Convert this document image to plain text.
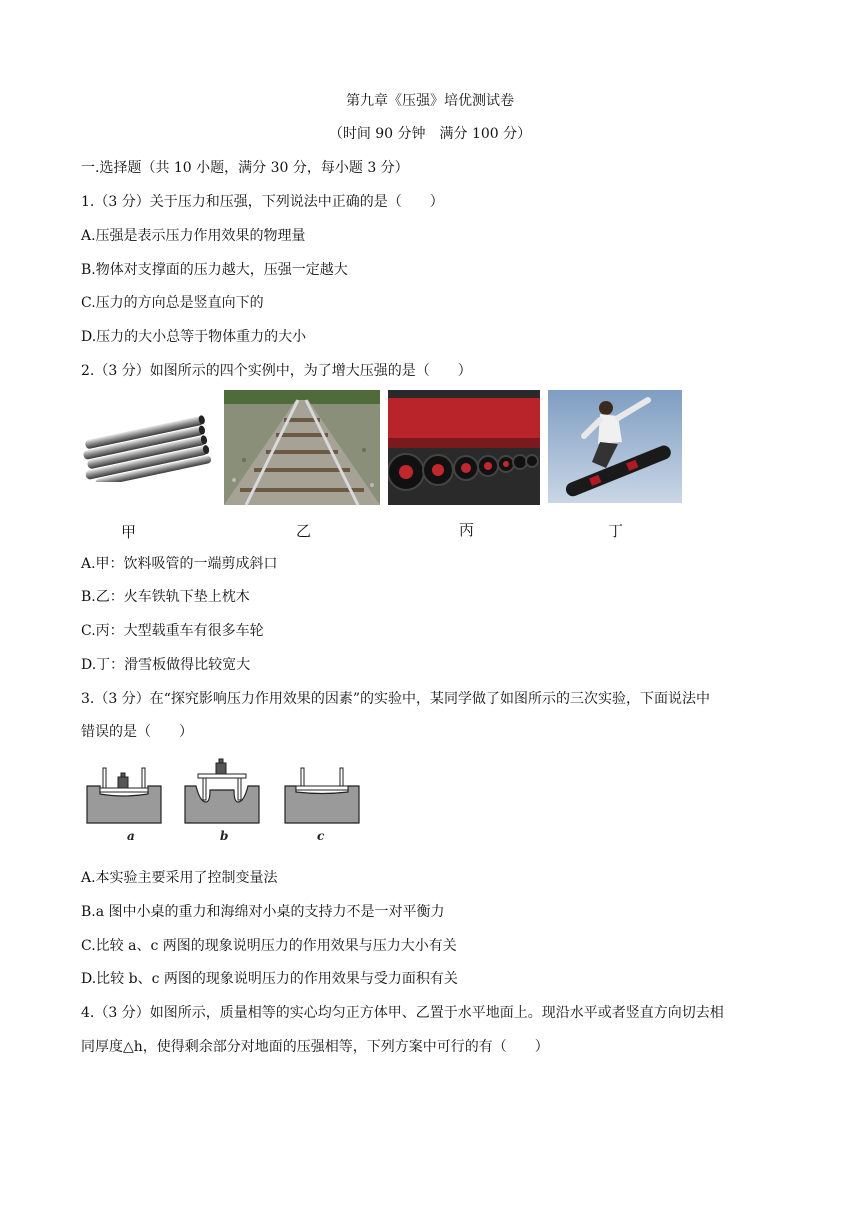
第九章《压强》培优测试卷
（时间 90 分钟　满分 100 分）
一.选择题（共 10 小题，满分 30 分，每小题 3 分）
1.（3 分）关于压力和压强，下列说法中正确的是（　　）
A.压强是表示压力作用效果的物理量
B.物体对支撑面的压力越大，压强一定越大
C.压力的方向总是竖直向下的
D.压力的大小总等于物体重力的大小
2.（3 分）如图所示的四个实例中，为了增大压强的是（　　）
甲	乙	丙	丁
A.甲：饮料吸管的一端剪成斜口
B.乙：火车铁轨下垫上枕木
C.丙：大型载重车有很多车轮
D.丁：滑雪板做得比较宽大
3.（3 分）在“探究影响压力作用效果的因素”的实验中，某同学做了如图所示的三次实验，下面说法中
错误的是（　　）
a	b	c
A.本实验主要采用了控制变量法
B.a 图中小桌的重力和海绵对小桌的支持力不是一对平衡力
C.比较 a、c 两图的现象说明压力的作用效果与压力大小有关
D.比较 b、c 两图的现象说明压力的作用效果与受力面积有关
4.（3 分）如图所示，质量相等的实心均匀正方体甲、乙置于水平地面上。现沿水平或者竖直方向切去相
同厚度△h，使得剩余部分对地面的压强相等，下列方案中可行的有（　　）
